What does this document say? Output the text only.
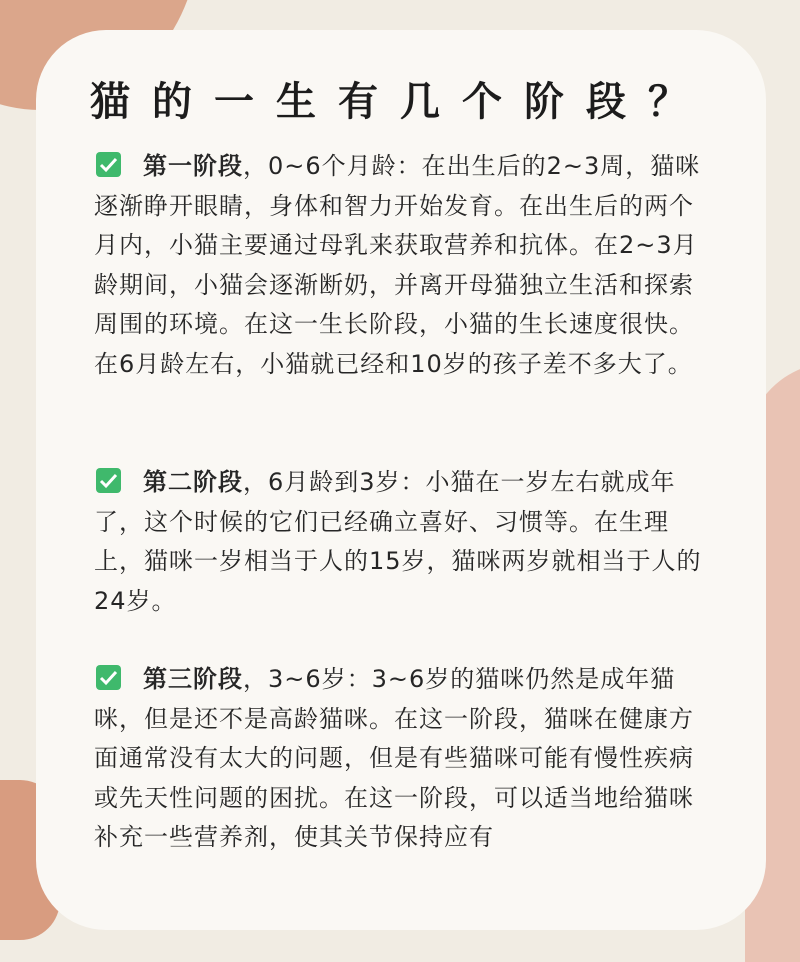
猫的一生有几个阶段？

第一阶段，0~6个月龄：在出生后的2~3周，猫咪逐渐睁开眼睛，身体和智力开始发育。在出生后的两个月内，小猫主要通过母乳来获取营养和抗体。在2~3月龄期间，小猫会逐渐断奶，并离开母猫独立生活和探索周围的环境。在这一生长阶段，小猫的生长速度很快。在6月龄左右，小猫就已经和10岁的孩子差不多大了。

第二阶段，6月龄到3岁：小猫在一岁左右就成年了，这个时候的它们已经确立喜好、习惯等。在生理上，猫咪一岁相当于人的15岁，猫咪两岁就相当于人的24岁。

第三阶段，3~6岁：3~6岁的猫咪仍然是成年猫咪，但是还不是高龄猫咪。在这一阶段，猫咪在健康方面通常没有太大的问题，但是有些猫咪可能有慢性疾病或先天性问题的困扰。在这一阶段，可以适当地给猫咪补充一些营养剂，使其关节保持应有
